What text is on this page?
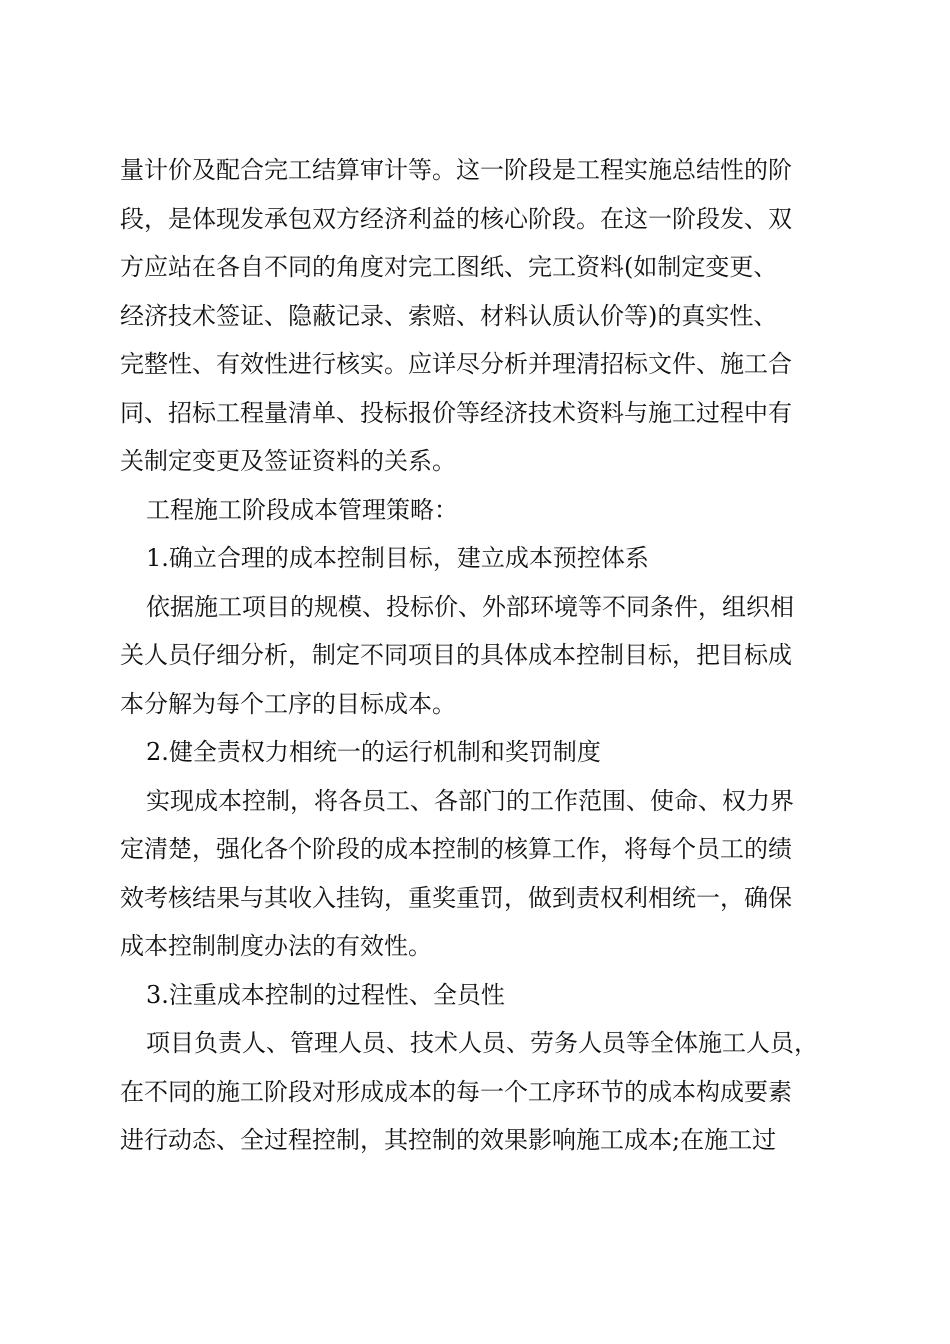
量计价及配合完工结算审计等。这一阶段是工程实施总结性的阶
段，是体现发承包双方经济利益的核心阶段。在这一阶段发、双
方应站在各自不同的角度对完工图纸、完工资料(如制定变更、
经济技术签证、隐蔽记录、索赔、材料认质认价等)的真实性、
完整性、有效性进行核实。应详尽分析并理清招标文件、施工合
同、招标工程量清单、投标报价等经济技术资料与施工过程中有
关制定变更及签证资料的关系。
工程施工阶段成本管理策略：
1.确立合理的成本控制目标，建立成本预控体系
依据施工项目的规模、投标价、外部环境等不同条件，组织相
关人员仔细分析，制定不同项目的具体成本控制目标，把目标成
本分解为每个工序的目标成本。
2.健全责权力相统一的运行机制和奖罚制度
实现成本控制，将各员工、各部门的工作范围、使命、权力界
定清楚，强化各个阶段的成本控制的核算工作，将每个员工的绩
效考核结果与其收入挂钩，重奖重罚，做到责权利相统一，确保
成本控制制度办法的有效性。
3.注重成本控制的过程性、全员性
项目负责人、管理人员、技术人员、劳务人员等全体施工人员，
在不同的施工阶段对形成成本的每一个工序环节的成本构成要素
进行动态、全过程控制，其控制的效果影响施工成本;在施工过
